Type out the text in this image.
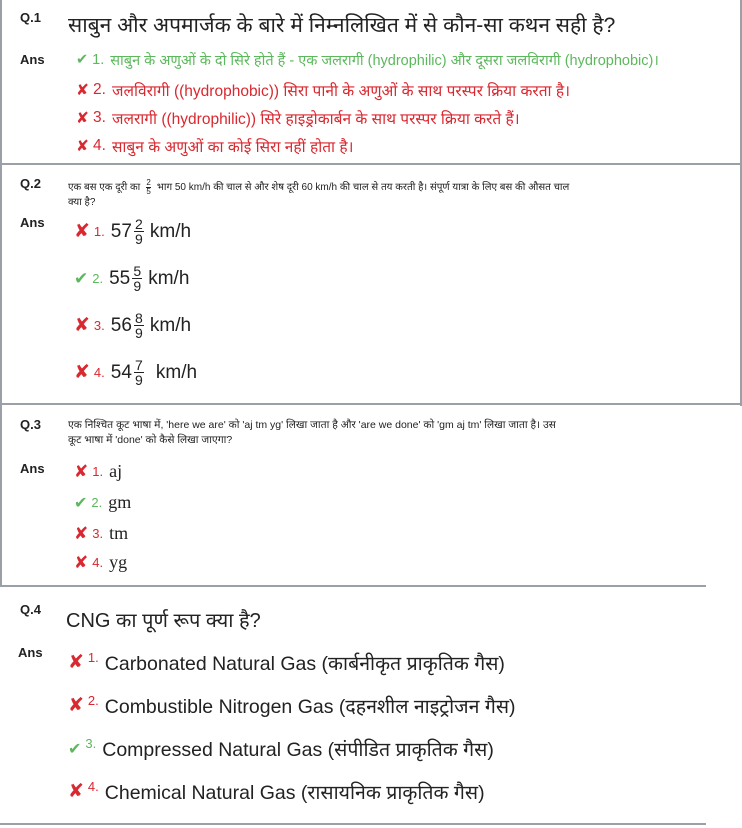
Q.1 साबुन और अपमार्जक के बारे में निम्नलिखित में से कौन-सा कथन सही है?
Ans ✔ 1. साबुन के अणुओं के दो सिरे होते हैं - एक जलरागी (hydrophilic) और दूसरा जलविरागी (hydrophobic)।
✘ 2. जलविरागी ((hydrophobic)) सिरा पानी के अणुओं के साथ परस्पर क्रिया करता है।
✘ 3. जलरागी ((hydrophilic)) सिरे हाइड्रोकार्बन के साथ परस्पर क्रिया करते हैं।
✘ 4. साबुन के अणुओं का कोई सिरा नहीं होता है।
Q.2	एक बस एक दूरी का $\frac{2}{5}$ भाग 50 km/h की चाल से और शेष दूरी 60 km/h की चाल से तय करती है। संपूर्ण यात्रा के लिए बस की औसत चाल
क्या है?
Ans ✘ 1. $57 \frac{2}{9} km/h$
✔ 2. $55 \frac{5}{9} km/h$
✘ 3. $56 \frac{8}{9} km/h$
✘ 4. $54 \frac{7}{9} km/h$
Q.3	एक निश्चित कूट भाषा में, 'here we are' को 'aj tm yg' लिखा जाता है और 'are we done' को 'gm aj tm' लिखा जाता है। उस
कूट भाषा में 'done' को कैसे लिखा जाएगा?
Ans ✘ 1. aj
✔ 2. gm
✘ 3. tm
✘ 4. yg
Q.4
CNG का पूर्ण रूप क्या है?
Ans ✘ 1. Carbonated Natural Gas (कार्बनीकृत प्राकृतिक गैस)
✘ 2. Combustible Nitrogen Gas (दहनशील नाइट्रोजन गैस)
✔ 3. Compressed Natural Gas (संपीडित प्राकृतिक गैस)
✘ 4. Chemical Natural Gas (रासायनिक प्राकृतिक गैस)
